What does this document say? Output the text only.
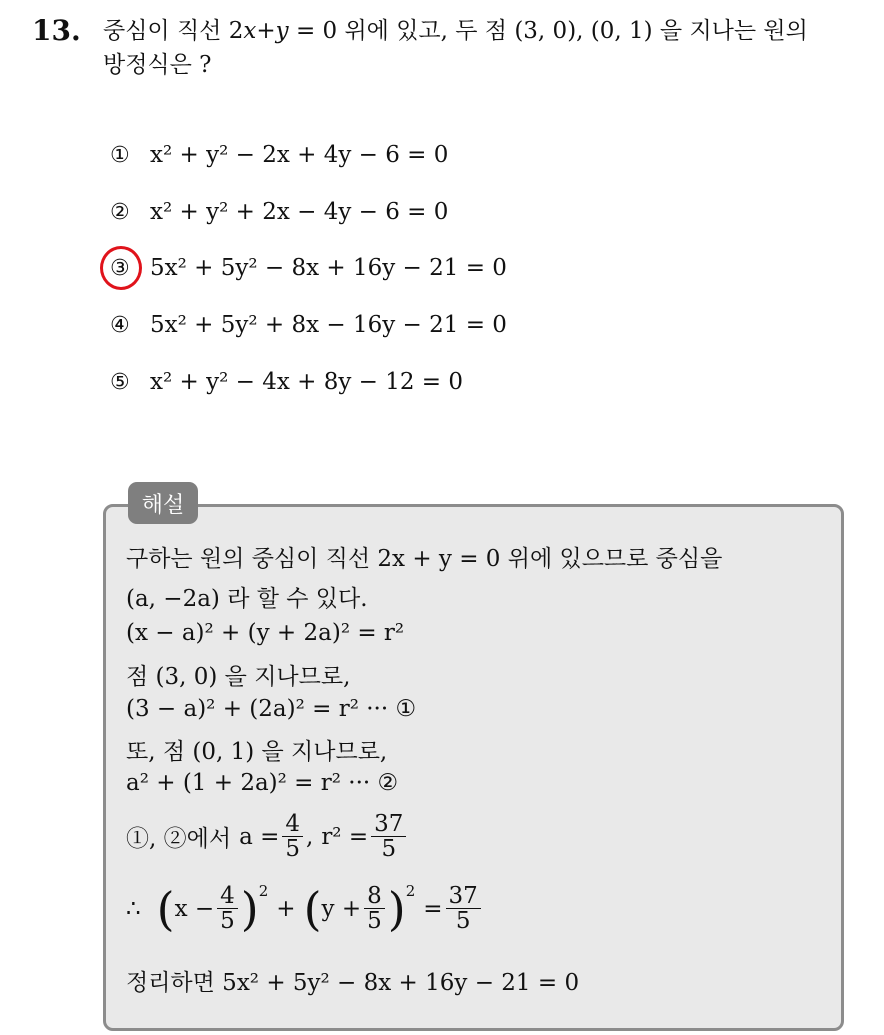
13. 중심이 직선 2x+y = 0 위에 있고, 두 점 (3, 0), (0, 1) 을 지나는 원의
방정식은 ?
① x² + y² − 2x + 4y − 6 = 0
② x² + y² + 2x − 4y − 6 = 0
③ 5x² + 5y² − 8x + 16y − 21 = 0
④ 5x² + 5y² + 8x − 16y − 21 = 0
⑤ x² + y² − 4x + 8y − 12 = 0
해설
구하는 원의 중심이 직선 2x + y = 0 위에 있으므로 중심을
(a, −2a) 라 할 수 있다.
(x − a)² + (y + 2a)² = r²
점 (3, 0) 을 지나므로,
(3 − a)² + (2a)² = r² ··· ①
또, 점 (0, 1) 을 지나므로,
a² + (1 + 2a)² = r² ··· ②
①, ②에서 $a = \frac{4}{5}$ , $r^2 = \frac{37}{5}$
∴ ( $x - \frac{4}{5}$ ) 2
+ ( $y + \frac{8}{5}$ ) 2
= $\frac{37}{5}$
정리하면 5x² + 5y² − 8x + 16y − 21 = 0
